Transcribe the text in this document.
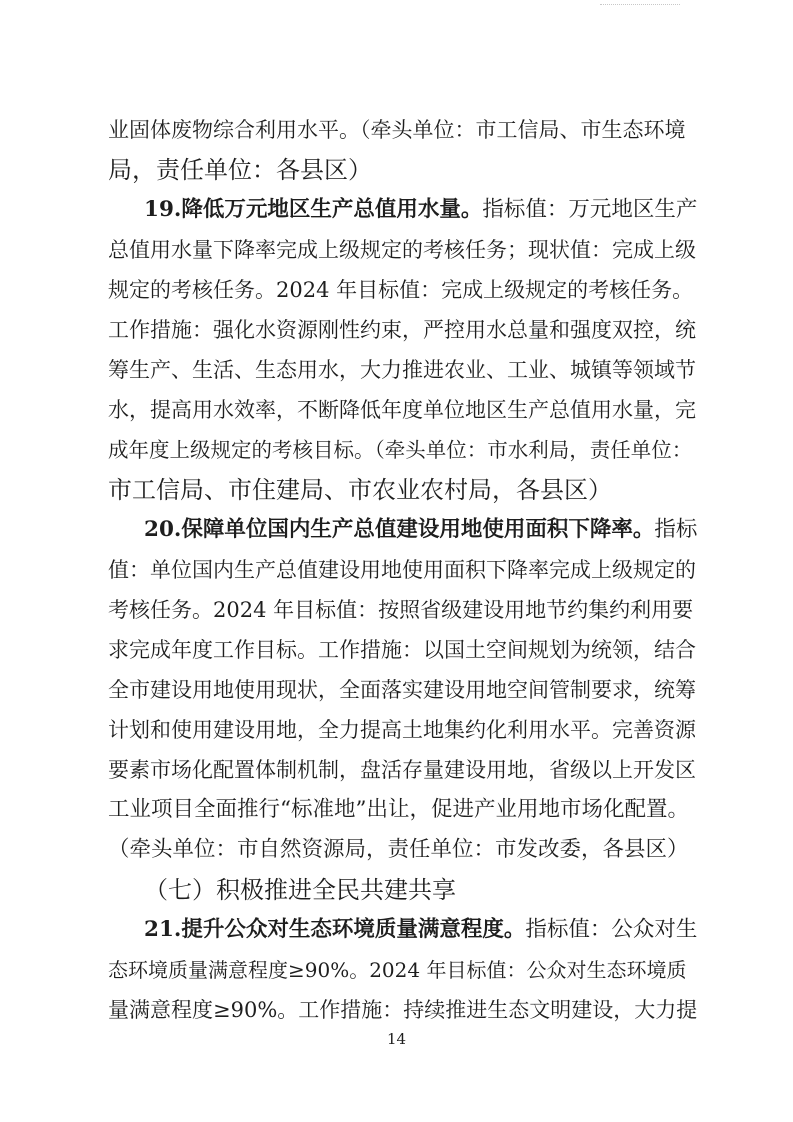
业固体废物综合利用水平。（牵头单位：市工信局、市生态环境
局，责任单位：各县区）
19.降低万元地区生产总值用水量。指标值：万元地区生产
总值用水量下降率完成上级规定的考核任务；现状值：完成上级
规定的考核任务。2024 年目标值：完成上级规定的考核任务。
工作措施：强化水资源刚性约束，严控用水总量和强度双控，统
筹生产、生活、生态用水，大力推进农业、工业、城镇等领域节
水，提高用水效率，不断降低年度单位地区生产总值用水量，完
成年度上级规定的考核目标。（牵头单位：市水利局，责任单位：
市工信局、市住建局、市农业农村局，各县区）
20.保障单位国内生产总值建设用地使用面积下降率。指标
值：单位国内生产总值建设用地使用面积下降率完成上级规定的
考核任务。2024 年目标值：按照省级建设用地节约集约利用要
求完成年度工作目标。工作措施：以国土空间规划为统领，结合
全市建设用地使用现状，全面落实建设用地空间管制要求，统筹
计划和使用建设用地，全力提高土地集约化利用水平。完善资源
要素市场化配置体制机制，盘活存量建设用地，省级以上开发区
工业项目全面推行“标准地”出让，促进产业用地市场化配置。
（牵头单位：市自然资源局，责任单位：市发改委，各县区）
（七）积极推进全民共建共享
21.提升公众对生态环境质量满意程度。指标值：公众对生
态环境质量满意程度≥90%。2024 年目标值：公众对生态环境质
量满意程度≥90%。工作措施：持续推进生态文明建设，大力提
14
